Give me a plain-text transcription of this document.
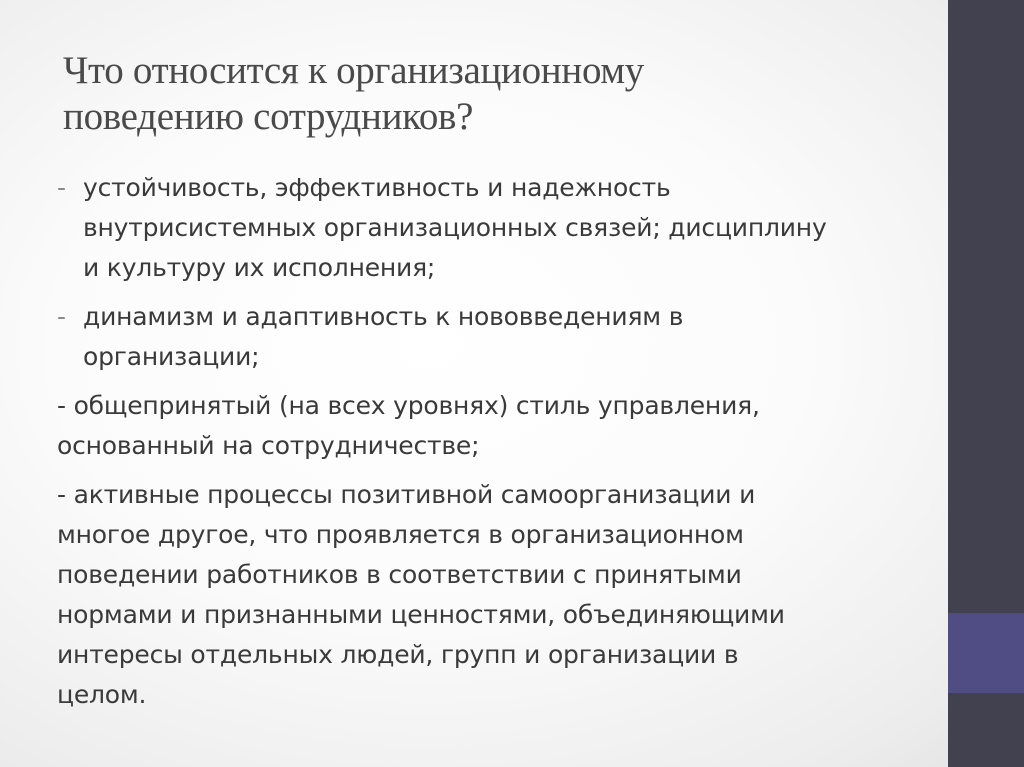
Что относится к организационному
поведению сотрудников?
- устойчивость, эффективность и надежность
внутрисистемных организационных связей; дисциплину
и культуру их исполнения;
- динамизм и адаптивность к нововведениям в
организации;
- общепринятый (на всех уровнях) стиль управления,
основанный на сотрудничестве;
- активные процессы позитивной самоорганизации и
многое другое, что проявляется в организационном
поведении работников в соответствии с принятыми
нормами и признанными ценностями, объединяющими
интересы отдельных людей, групп и организации в
целом.
